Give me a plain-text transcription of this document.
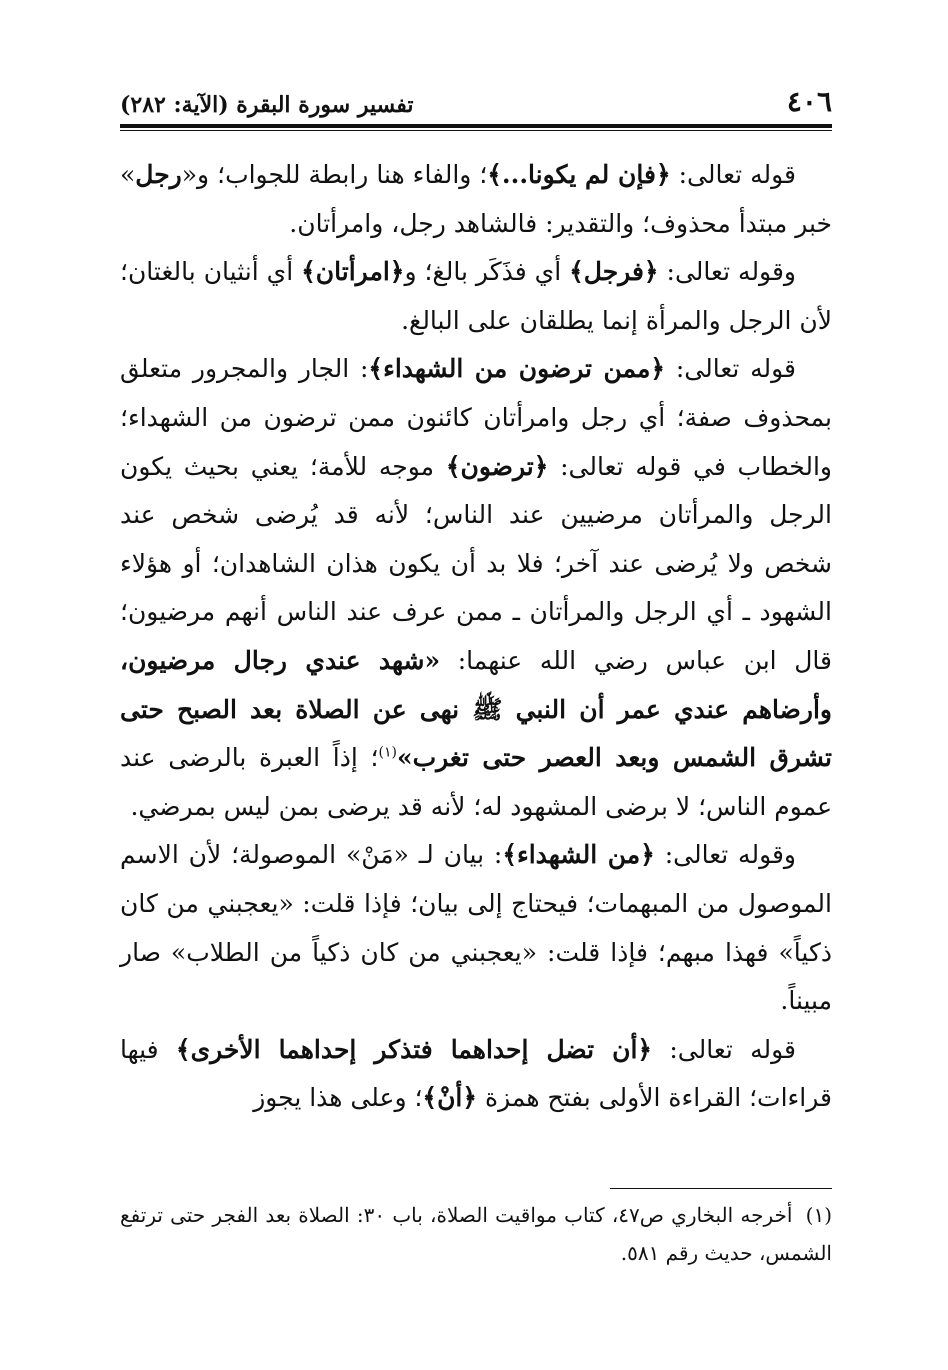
٤٠٦
تفسير سورة البقرة (الآية: ٢٨٢)

قوله تعالى: ﴿فإن لم يكونا...﴾؛ والفاء هنا رابطة للجواب؛ و«رجل» خبر مبتدأ محذوف؛ والتقدير: فالشاهد رجل، وامرأتان.

وقوله تعالى: ﴿فرجل﴾ أي فذَكَر بالغ؛ و﴿امرأتان﴾ أي أنثيان بالغتان؛ لأن الرجل والمرأة إنما يطلقان على البالغ.

قوله تعالى: ﴿ممن ترضون من الشهداء﴾: الجار والمجرور متعلق بمحذوف صفة؛ أي رجل وامرأتان كائنون ممن ترضون من الشهداء؛ والخطاب في قوله تعالى: ﴿ترضون﴾ موجه للأمة؛ يعني بحيث يكون الرجل والمرأتان مرضيين عند الناس؛ لأنه قد يُرضى شخص عند شخص ولا يُرضى عند آخر؛ فلا بد أن يكون هذان الشاهدان؛ أو هؤلاء الشهود ـ أي الرجل والمرأتان ـ ممن عرف عند الناس أنهم مرضيون؛ قال ابن عباس رضي الله عنهما: «شهد عندي رجال مرضيون، وأرضاهم عندي عمر أن النبي ﷺ نهى عن الصلاة بعد الصبح حتى تشرق الشمس وبعد العصر حتى تغرب»$^{(١)}$؛ إذاً العبرة بالرضى عند عموم الناس؛ لا برضى المشهود له؛ لأنه قد يرضى بمن ليس بمرضي.

وقوله تعالى: ﴿من الشهداء﴾: بيان لـ «مَنْ» الموصولة؛ لأن الاسم الموصول من المبهمات؛ فيحتاج إلى بيان؛ فإذا قلت: «يعجبني من كان ذكياً» فهذا مبهم؛ فإذا قلت: «يعجبني من كان ذكياً من الطلاب» صار مبيناً.

قوله تعالى: ﴿أن تضل إحداهما فتذكر إحداهما الأخرى﴾ فيها قراءات؛ القراءة الأولى بفتح همزة ﴿أنْ﴾؛ وعلى هذا يجوز

(١) أخرجه البخاري ص٤٧، كتاب مواقيت الصلاة، باب ٣٠: الصلاة بعد الفجر حتى ترتفع الشمس، حديث رقم ٥٨١.
